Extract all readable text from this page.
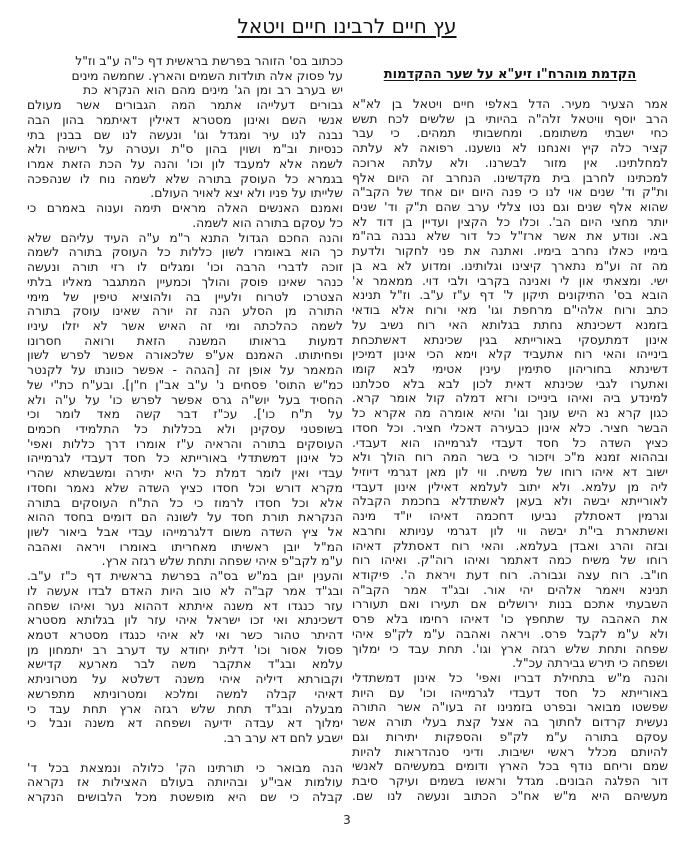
עץ חיים לרבינו חיים ויטאל
ככתוב בס' הזוהר בפרשת בראשית דף כ"ה ע"ב וז"ל
על פסוק אלה תולדות השמים והארץ. שחמשה מינים
יש בערב רב ומן הג' מינים מהם הוא הנקרא כת
גבורים דעלייהו אתמר המה הגבורים אשר מעולם
אנשי השם ואינון מסטרא דאילין דאיתמר בהון הבה
נבנה לנו עיר ומגדל וגו' ונעשה לנו שם בבנין בתי
כנסיות וב"מ ושוין בהון ס"ת ועטרה על רישיה ולא
לשמה אלא למעבד לון וכו' והנה על הכת הזאת אמרו
בגמרא כל העוסק בתורה שלא לשמה נוח לו שנהפכה
שלייתו על פניו ולא יצא לאויר העולם.
ואמנם האנשים האלה מראים תימה וענוה באמרם כי
כל עסקם בתורה הוא לשמה.
והנה החכם הגדול התנא ר"מ ע"ה העיד עליהם שלא
כך הוא באומרו לשון כללות כל העוסק בתורה לשמה
זוכה לדברי הרבה וכו' ומגלים לו רזי תורה ונעשה
כנהר שאינו פוסק והולך וכמעיין המתגבר מאליו בלתי
הצטרכו לטרוח ולעיין בה ולהוציא טיפין של מימי
התורה מן הסלע הנה זה יורה שאינו עוסק בתורה
לשמה כהלכתה ומי זה האיש אשר לא יזלו עיניו
דמעות בראותו המשנה הזאת ורואה חסרונו
ופחיתותו. האמנם אע"פ שלכאורה אפשר לפרש לשון
המאמר על אופן זה [הגהה - אפשר כוונתו על לקנטר
כמ"ש התוס' פסחים נ' ע"ב אב"ן ח"ן]. ובע"ח כת"י של
החסיד בעל יוש"ה גרס אפשר לפרש כו' על ע"ה ולא
על ת"ח כו']. עכ"ז דבר קשה מאד לומר וכי
בשופטני עסקינן ולא בכללות כל התלמידי חכמים
העוסקים בתורה והראיה ע"ז אומרו דרך כללות ואפי'
כל אינון דמשתדלי באורייתא כל חסד דעבדי לגרמייהו
עבדי ואין לומר דמלת כל היא יתירה ומשבשתא שהרי
מקרא דורש וכל חסדו כציץ השדה שלא נאמר וחסדו
אלא וכל חסדו לרמוז כי כל הת"ח העוסקים בתורה
הנקראת תורת חסד על לשונה הם דומים בחסד ההוא
אל ציץ השדה משום דלגרמייהו עבדי אבל ביאור לשון
המ"ל יובן ראשיתו מאחריתו באומרו ויראה ואהבה
ע"מ לקב"פ איהי שפחה ותחת שלש רגזה ארץ.
והענין יובן במ"ש בס"ה בפרשת בראשית דף כ"ז ע"ב.
ובג"ד אמר קב"ה לא טוב היות האדם לבדו אעשה לו
עזר כנגדו דא משנה איתתא דההוא נער ואיהו שפחה
דשכינתא ואי זכו ישראל איהי עזר לון בגלותא מסטרא
דהיתר טהור כשר ואי לא איהי כנגדו מסטרא דטמא
פסול אסור וכו' דלית יחודא עד דערב רב יתמחון מן
עלמא ובג"ד אתקבר משה לבר מארעא קדישא
וקבורתא דיליה איהי משנה דשלטא על מטרוניתא
דאיהי קבלה למשה ומלכא ומטרוניתא מתפרשא
מבעלה ובג"ד תחת שלש רגזה ארץ תחת עבד כי
ימלוך דא עבדה ידיעה ושפחה דא משנה ונבל כי
ישבע לחם דא ערב רב.
הנה מבואר כי תורתינו הק' כלולה ונמצאת בכל ד'
עולמות אבי"ע ובהיותה בעולם האצילות אז נקראה
קבלה כי שם היא מופשטת מכל הלבושים הנקרא
הקדמת מוהרח"ו זיע"א על שער ההקדמות
אמר הצעיר מעיר. הדל באלפי חיים ויטאל בן לא"א
הרב יוסף וויטאל זלה"ה בהיותי בן שלשים לכח תשש
כחי ישבתי משתומם. ומחשבותי תמהים. כי עבר
קציר כלה קיץ ואנחנו לא נושענו. רפואה לא עלתה
למחלתינו. אין מזור לבשרנו. ולא עלתה ארוכה
למכתינו לחרבן בית מקדשינו. הנחרב זה היום אלף
ות"ק וד' שנים אוי לנו כי פנה היום יום אחד של הקב"ה
שהוא אלף שנים וגם נטו צללי ערב שהם ת"ק וד' שנים
יותר מחצי היום הב'. וכלו כל הקצין ועדיין בן דוד לא
בא. ונודע את אשר ארז"ל כל דור שלא נבנה בה"מ
בימיו כאלו נחרב בימיו. ואתנה את פני לחקור ולדעת
מה זה וע"מ נתארך קיצינו וגלותינו. ומדוע לא בא בן
ישי. ומצאתי און לי ואנינה בקרבי ולבי דוי. ממאמר א'
הובא בס' התיקונים תיקון ל' דף ע"ז ע"ב. וז"ל תנינא
כתב ורוח אלהי"ם מרחפת וגו' מאי ורוח אלא בודאי
בזמנא דשכינתא נחתת בגלותא האי רוח נשיב על
אינון דמתעסקי באורייתא בגין שכינתא דאשתכחת
בינייהו והאי רוח אתעביד קלא וימא הכי אינון דמיכין
דשינתא בחוריהון סתימין עינין אטימי לבא קומו
ואתערו לגבי שכינתא דאית לכון לבא בלא סכלתנו
למינדע ביה ואיהו בינייכו ורזא דמלה קול אומר קרא.
כגון קרא נא היש עונך וגו' והיא אומרה מה אקרא כל
הבשר חציר. כלא אינון כבעירה דאכלי חציר. וכל חסדו
כציץ השדה כל חסד דעבדי לגרמייהו הוא דעבדי.
ובההוא זמנא מ"כ ויזכור כי בשר המה רוח הולך ולא
ישוב דא איהו רוחו של משיח. ווי לון מאן דגרמי דיוזיל
ליה מן עלמא. ולא יתוב לעלמא דאילין אינון דעבדי
לאורייתא יבשה ולא בעאן לאשתדלא בחכמת הקבלה
וגרמין דאסתלק נביעו דחכמה דאיהו יו"ד מינה
ואשתארת בי"ת יבשה ווי לון דגרמי עניותא וחרבא
ובזה והרג ואבדן בעלמא. והאי רוח דאסתלק דאיהו
רוחו של משיח כמה דאתמר ואיהו רוה"ק. ואיהו רוח
חו"ב. רוח עצה וגבורה. רוח דעת ויראת ה'. פיקודא
תנינא ויאמר אלהים יהי אור. ובג"ד אמר הקב"ה
השבעתי אתכם בנות ירושלים אם תעירו ואם תעוררו
את האהבה עד שתחפץ כו' דאיהו רחימו בלא פרס
ולא ע"מ לקבל פרס. ויראה ואהבה ע"מ לק"פ איהי
שפחה ותחת שלש רגזה ארץ וגו'. תחת עבד כי ימלוך
ושפחה כי תירש גבירתה עכ"ל.
והנה מ"ש בתחילת דבריו ואפי' כל אינון דמשתדלי
באורייתא כל חסד דעבדי לגרמייהו וכו' עם היות
שפשטו מבואר ובפרט בזמנינו זה בעו"ה אשר התורה
נעשית קרדום לחתוך בה אצל קצת בעלי תורה אשר
עסקם בתורה ע"מ לק"פ והספקות יתירות וגם
להיותם מכלל ראשי ישיבות. ודיני סנהדראות להיות
שמם וריחם נודף בכל הארץ ודומים במעשיהם לאנשי
דור הפלגה הבונים. מגדל וראשו בשמים ועיקר סיבת
מעשיהם היא מ"ש אח"כ הכתוב ונעשה לנו שם.
3
